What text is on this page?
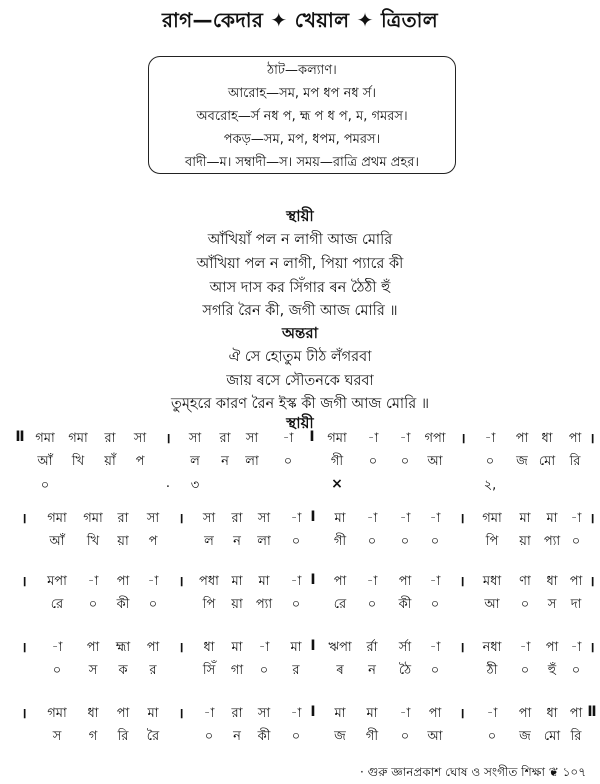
রাগ—কেদার ✦ খেয়াল ✦ ত্রিতাল
ঠাট—কল্যাণ।
আরোহ—সম, মপ ধপ নধ র্স।
অবরোহ—র্স নধ প, হ্ম প ধ প, ম, গমরস।
পকড়—সম, মপ, ধপম, পমরস।
বাদী—ম। সম্বাদী—স। সময়—রাত্রি প্রথম প্রহর।
স্থায়ী
আঁখিয়াঁ পল ন লাগী আজ মোরি
আঁখিয়া পল ন লাগী, পিয়া প্যারে কী
আস দাস কর সিঁগার ৰন ঠৈঠী হুঁ
সগরি রৈন কী, জগী আজ মোরি ॥
অন্তরা
ঐ সে হোতুম ঢীঠ লঁগরবা
জায় ৰসে সৌতনকে ঘরবা
তুম্হরে কারণ রৈন ইস্ক কী জগী আজ মোরি ॥
স্থায়ী
Ⅱ গমা গমা রা সা । সা রা সা -া I গমা -া -া গপা । -া পা ধা পা ।
আঁ খি য়াঁ প	ল ন লা ০	গী ০ ০ আ	০ জ মো রি
০	. ৩	×	২,
। গমা গমা রা সা । সা রা সা -া I মা -া -া -া । গমা মা মা -া ।
আঁ খি য়া প	ল ন লা ০	গী ০ ০ ০	পি য়া প্যা ০
। মপা -া পা -া । পধা মা মা -া I পা -া পা -া । মধা ণা ধা পা ।
রে ০ কী ০	পি য়া প্যা ০	রে ০ কী ০	আ ০ স দা
। -া পা হ্মা পা । ধা মা -া মা I ঋপা র্রা র্সা -া । নধা -া পা -া ।
০ স ক র	সিঁ গা ০ র	ৰ ন ঠৈ ০	ঠী ০ হুঁ ০
। গমা ধা পা মা । -া রা সা -া I মা মা -া পা । -া পা ধা পা Ⅱ
স গ রি রৈ	০ ন কী ০	জ গী ০ আ	০ জ মো রি
· গুরু জ্ঞানপ্রকাশ ঘোষ ও সংগীত শিক্ষা ❦ ১০৭
